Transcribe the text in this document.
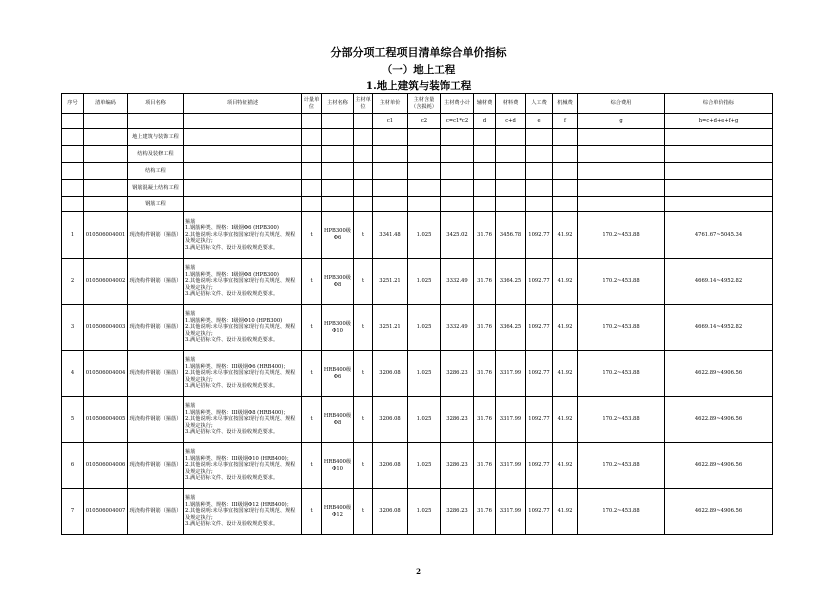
分部分项工程项目清单综合单价指标
（一）地上工程
1.地上建筑与装饰工程
序号	清单编码	项目名称	项目特征描述	计量单位	主材名称	主材单位	主材单价	主材含量（含损耗）	主材费小计	辅材费	材料费	人工费	机械费	综合费用	综合单价指标
							c1	c2	c=c1*c2	d	c+d	e	f	g	h=c+d+e+f+g
		地上建筑与装饰工程													
		结构及装修工程													
		结构工程													
		钢筋混凝土结构工程													
		钢筋工程													
1	010506004001	现浇构件钢筋（箍筋）	箍筋
1.钢筋种类、规格：I级钢Φ6 (HPB300)
2.其他说明:未尽事宜按国家现行有关规范、规程及规定执行;
3.满足招标文件、设计及验收规范要求。	t	HPB300级Φ6	t	3341.48	1.025	3425.02	31.76	3456.78	1092.77	41.92	170.2~453.88	4761.67~5045.34
2	010506004002	现浇构件钢筋（箍筋）	箍筋
1.钢筋种类、规格：I级钢Φ8 (HPB300)
2.其他说明:未尽事宜按国家现行有关规范、规程及规定执行;
3.满足招标文件、设计及验收规范要求。	t	HPB300级Φ8	t	3251.21	1.025	3332.49	31.76	3364.25	1092.77	41.92	170.2~453.88	4669.14~4952.82
3	010506004003	现浇构件钢筋（箍筋）	箍筋
1.钢筋种类、规格：I级钢Φ10 (HPB300)
2.其他说明:未尽事宜按国家现行有关规范、规程及规定执行;
3.满足招标文件、设计及验收规范要求。	t	HPB300级Φ10	t	3251.21	1.025	3332.49	31.76	3364.25	1092.77	41.92	170.2~453.88	4669.14~4952.82
4	010506004004	现浇构件钢筋（箍筋）	箍筋
1.钢筋种类、规格：III级钢Φ6 (HRB400)；
2.其他说明:未尽事宜按国家现行有关规范、规程及规定执行;
3.满足招标文件、设计及验收规范要求。	t	HRB400级Φ6	t	3206.08	1.025	3286.23	31.76	3317.99	1092.77	41.92	170.2~453.88	4622.89~4906.56
5	010506004005	现浇构件钢筋（箍筋）	箍筋
1.钢筋种类、规格：III级钢Φ8 (HRB400)；
2.其他说明:未尽事宜按国家现行有关规范、规程及规定执行;
3.满足招标文件、设计及验收规范要求。	t	HRB400级Φ8	t	3206.08	1.025	3286.23	31.76	3317.99	1092.77	41.92	170.2~453.88	4622.89~4906.56
6	010506004006	现浇构件钢筋（箍筋）	箍筋
1.钢筋种类、规格：III级钢Φ10 (HRB400)；
2.其他说明:未尽事宜按国家现行有关规范、规程及规定执行;
3.满足招标文件、设计及验收规范要求。	t	HRB400级Φ10	t	3206.08	1.025	3286.23	31.76	3317.99	1092.77	41.92	170.2~453.88	4622.89~4906.56
7	010506004007	现浇构件钢筋（箍筋）	箍筋
1.钢筋种类、规格：III级钢Φ12 (HRB400)；
2.其他说明:未尽事宜按国家现行有关规范、规程及规定执行;
3.满足招标文件、设计及验收规范要求。	t	HRB400级Φ12	t	3206.08	1.025	3286.23	31.76	3317.99	1092.77	41.92	170.2~453.88	4622.89~4906.56
2
